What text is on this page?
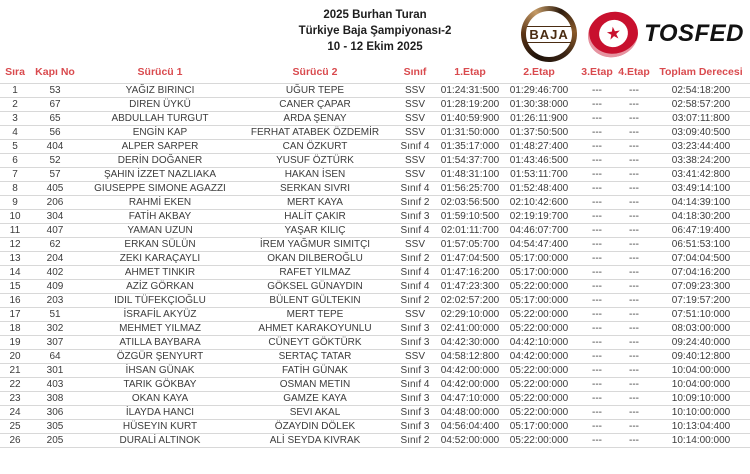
2025 Burhan Turan
Türkiye Baja Şampiyonası-2
10 - 12 Ekim 2025
BAJA ★ TOSFED
Sıra	Kapı No	Sürücü 1	Sürücü 2	Sınıf	1.Etap	2.Etap	3.Etap	4.Etap	Toplam Derecesi
1	53	YAĞIZ BIRINCI	UĞUR TEPE	SSV	01:24:31:500	01:29:46:700	---	---	02:54:18:200
2	67	DIREN ÜYKÜ	CANER ÇAPAR	SSV	01:28:19:200	01:30:38:000	---	---	02:58:57:200
3	65	ABDULLAH TURGUT	ARDA ŞENAY	SSV	01:40:59:900	01:26:11:900	---	---	03:07:11:800
4	56	ENGİN KAP	FERHAT ATABEK ÖZDEMİR	SSV	01:31:50:000	01:37:50:500	---	---	03:09:40:500
5	404	ALPER SARPER	CAN ÖZKURT	Sınıf 4	01:35:17:000	01:48:27:400	---	---	03:23:44:400
6	52	DERİN DOĞANER	YUSUF ÖZTÜRK	SSV	01:54:37:700	01:43:46:500	---	---	03:38:24:200
7	57	ŞAHIN İZZET NAZLIAKA	HAKAN İSEN	SSV	01:48:31:100	01:53:11:700	---	---	03:41:42:800
8	405	GIUSEPPE SIMONE AGAZZI	SERKAN SIVRI	Sınıf 4	01:56:25:700	01:52:48:400	---	---	03:49:14:100
9	206	RAHMİ EKEN	MERT KAYA	Sınıf 2	02:03:56:500	02:10:42:600	---	---	04:14:39:100
10	304	FATİH AKBAY	HALİT ÇAKIR	Sınıf 3	01:59:10:500	02:19:19:700	---	---	04:18:30:200
11	407	YAMAN UZUN	YAŞAR KILIÇ	Sınıf 4	02:01:11:700	04:46:07:700	---	---	06:47:19:400
12	62	ERKAN SÜLÜN	İREM YAĞMUR SIMITÇI	SSV	01:57:05:700	04:54:47:400	---	---	06:51:53:100
13	204	ZEKI KARAÇAYLI	OKAN DILBEROĞLU	Sınıf 2	01:47:04:500	05:17:00:000	---	---	07:04:04:500
14	402	AHMET TINKIR	RAFET YILMAZ	Sınıf 4	01:47:16:200	05:17:00:000	---	---	07:04:16:200
15	409	AZİZ GÖRKAN	GÖKSEL GÜNAYDIN	Sınıf 4	01:47:23:300	05:22:00:000	---	---	07:09:23:300
16	203	IDIL TÜFEKÇIOĞLU	BÜLENT GÜLTEKIN	Sınıf 2	02:02:57:200	05:17:00:000	---	---	07:19:57:200
17	51	İSRAFİL AKYÜZ	MERT TEPE	SSV	02:29:10:000	05:22:00:000	---	---	07:51:10:000
18	302	MEHMET YILMAZ	AHMET KARAKOYUNLU	Sınıf 3	02:41:00:000	05:22:00:000	---	---	08:03:00:000
19	307	ATILLA BAYBARA	CÜNEYT GÖKTÜRK	Sınıf 3	04:42:30:000	04:42:10:000	---	---	09:24:40:000
20	64	ÖZGÜR ŞENYURT	SERTAÇ TATAR	SSV	04:58:12:800	04:42:00:000	---	---	09:40:12:800
21	301	İHSAN GÜNAK	FATİH GÜNAK	Sınıf 3	04:42:00:000	05:22:00:000	---	---	10:04:00:000
22	403	TARIK GÖKBAY	OSMAN METIN	Sınıf 4	04:42:00:000	05:22:00:000	---	---	10:04:00:000
23	308	OKAN KAYA	GAMZE KAYA	Sınıf 3	04:47:10:000	05:22:00:000	---	---	10:09:10:000
24	306	İLAYDA HANCI	SEVI AKAL	Sınıf 3	04:48:00:000	05:22:00:000	---	---	10:10:00:000
25	305	HÜSEYIN KURT	ÖZAYDIN DÖLEK	Sınıf 3	04:56:04:400	05:17:00:000	---	---	10:13:04:400
26	205	DURALİ ALTINOK	ALİ SEYDA KIVRAK	Sınıf 2	04:52:00:000	05:22:00:000	---	---	10:14:00:000
